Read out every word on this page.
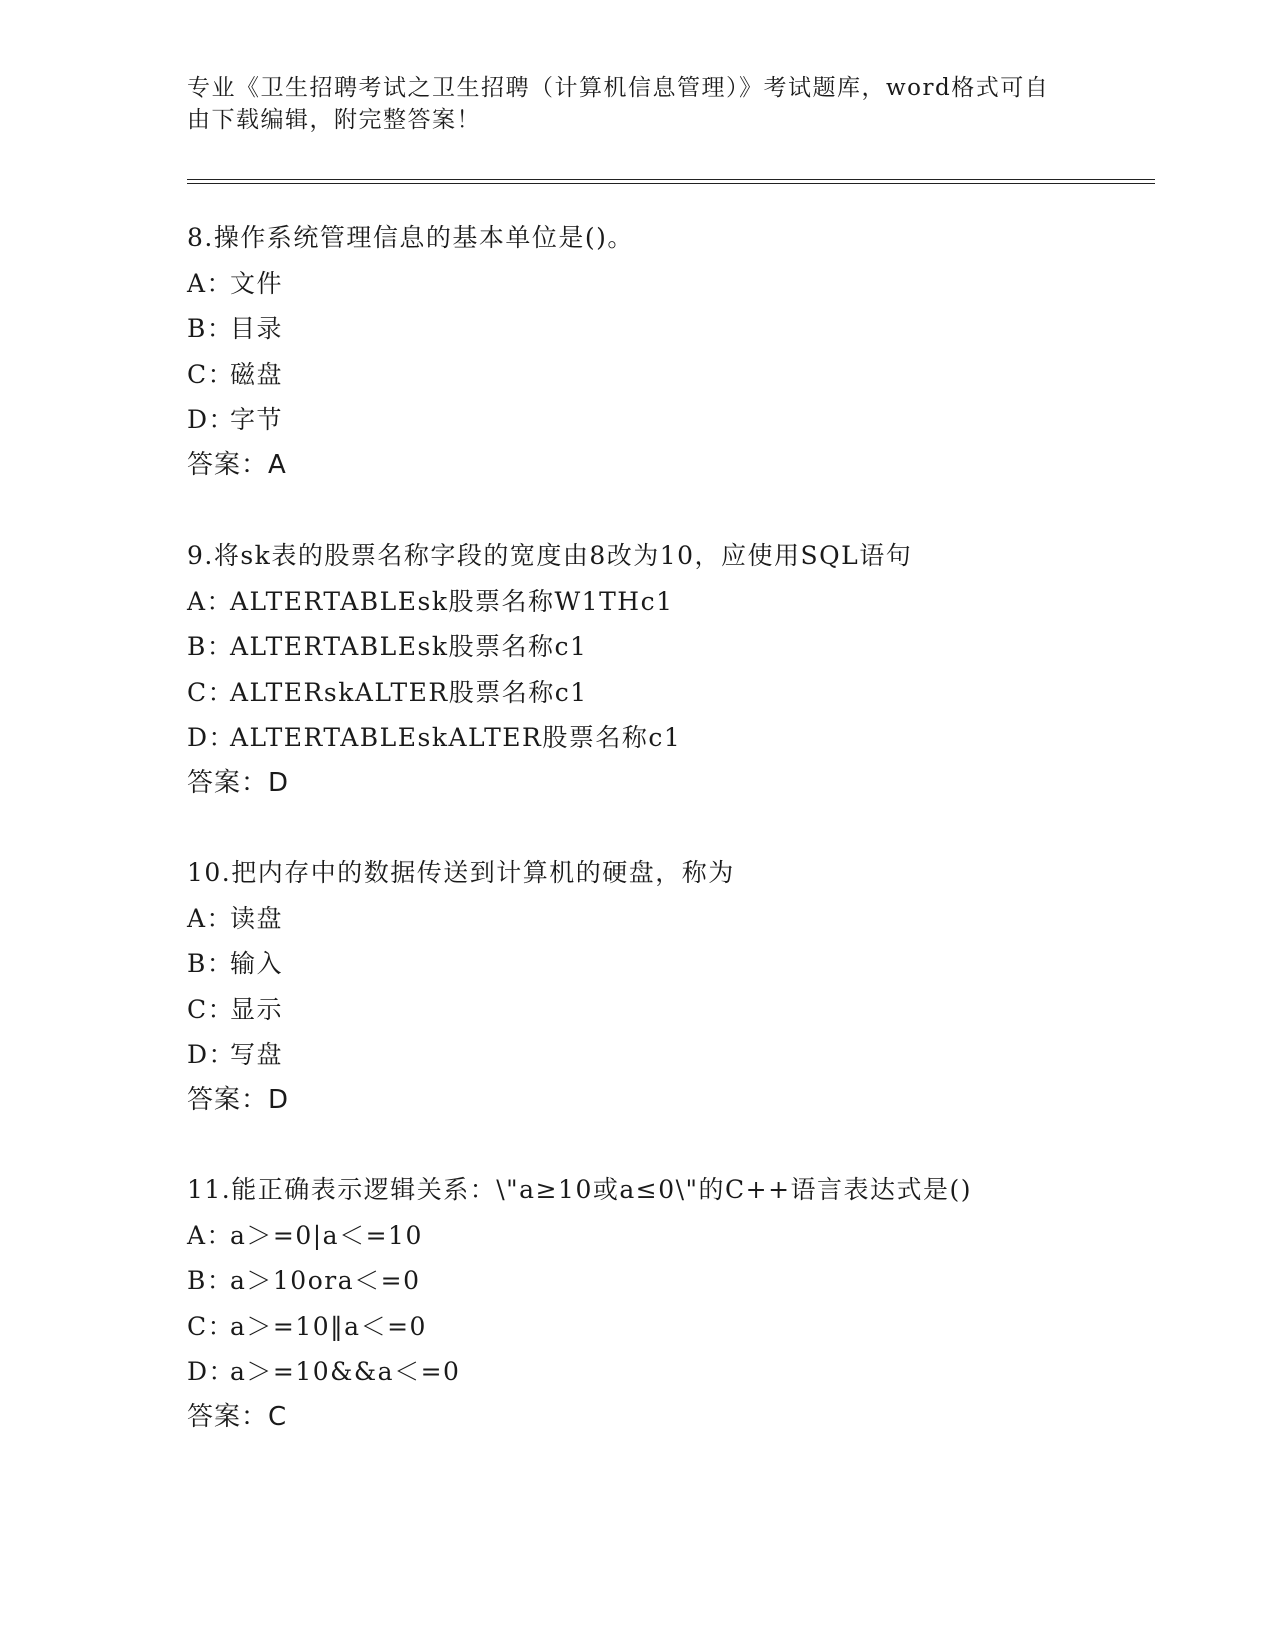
专业《卫生招聘考试之卫生招聘（计算机信息管理）》考试题库，word格式可自
由下载编辑，附完整答案！
8.操作系统管理信息的基本单位是()。
A：文件
B：目录
C：磁盘
D：字节
答案：A
9.将sk表的股票名称字段的宽度由8改为10，应使用SQL语句
A：ALTERTABLEsk股票名称W1THc1
B：ALTERTABLEsk股票名称c1
C：ALTERskALTER股票名称c1
D：ALTERTABLEskALTER股票名称c1
答案：D
10.把内存中的数据传送到计算机的硬盘，称为
A：读盘
B：输入
C：显示
D：写盘
答案：D
11.能正确表示逻辑关系：\"a≥10或a≤0\"的C++语言表达式是()
A：a＞=0|a＜=10
B：a＞10ora＜=0
C：a＞=10‖a＜=0
D：a＞=10&&a＜=0
答案：C
